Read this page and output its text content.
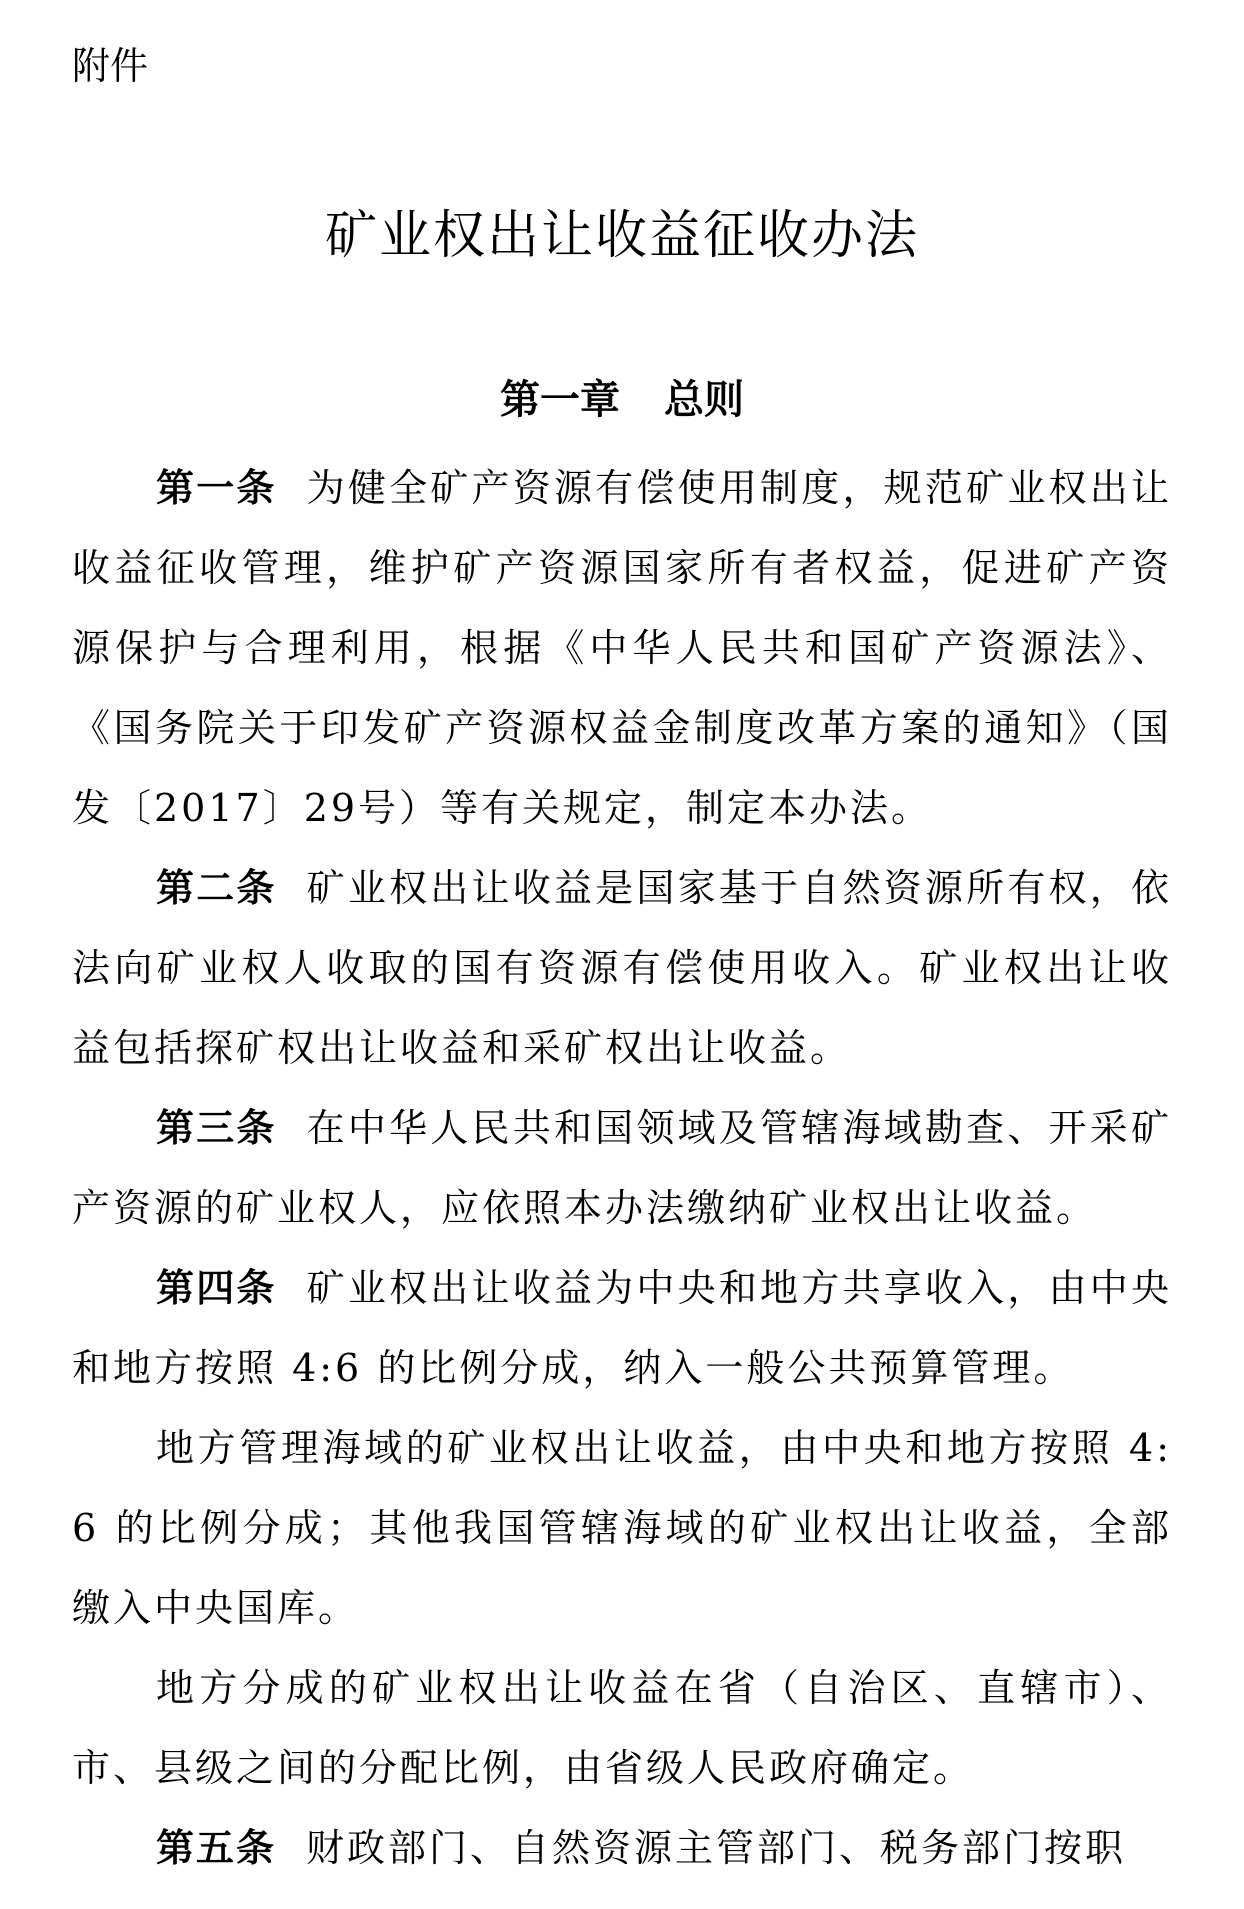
附件
矿业权出让收益征收办法
第一章 总则

第一条 为健全矿产资源有偿使用制度，规范矿业权出让收益征收管理，维护矿产资源国家所有者权益，促进矿产资源保护与合理利用，根据《中华人民共和国矿产资源法》、《国务院关于印发矿产资源权益金制度改革方案的通知》（国发〔2017〕29号）等有关规定，制定本办法。

第二条 矿业权出让收益是国家基于自然资源所有权，依法向矿业权人收取的国有资源有偿使用收入。矿业权出让收益包括探矿权出让收益和采矿权出让收益。

第三条 在中华人民共和国领域及管辖海域勘查、开采矿产资源的矿业权人，应依照本办法缴纳矿业权出让收益。

第四条 矿业权出让收益为中央和地方共享收入，由中央和地方按照 4:6 的比例分成，纳入一般公共预算管理。

地方管理海域的矿业权出让收益，由中央和地方按照 4:6 的比例分成；其他我国管辖海域的矿业权出让收益，全部缴入中央国库。

地方分成的矿业权出让收益在省（自治区、直辖市）、市、县级之间的分配比例，由省级人民政府确定。

第五条 财政部门、自然资源主管部门、税务部门按职
